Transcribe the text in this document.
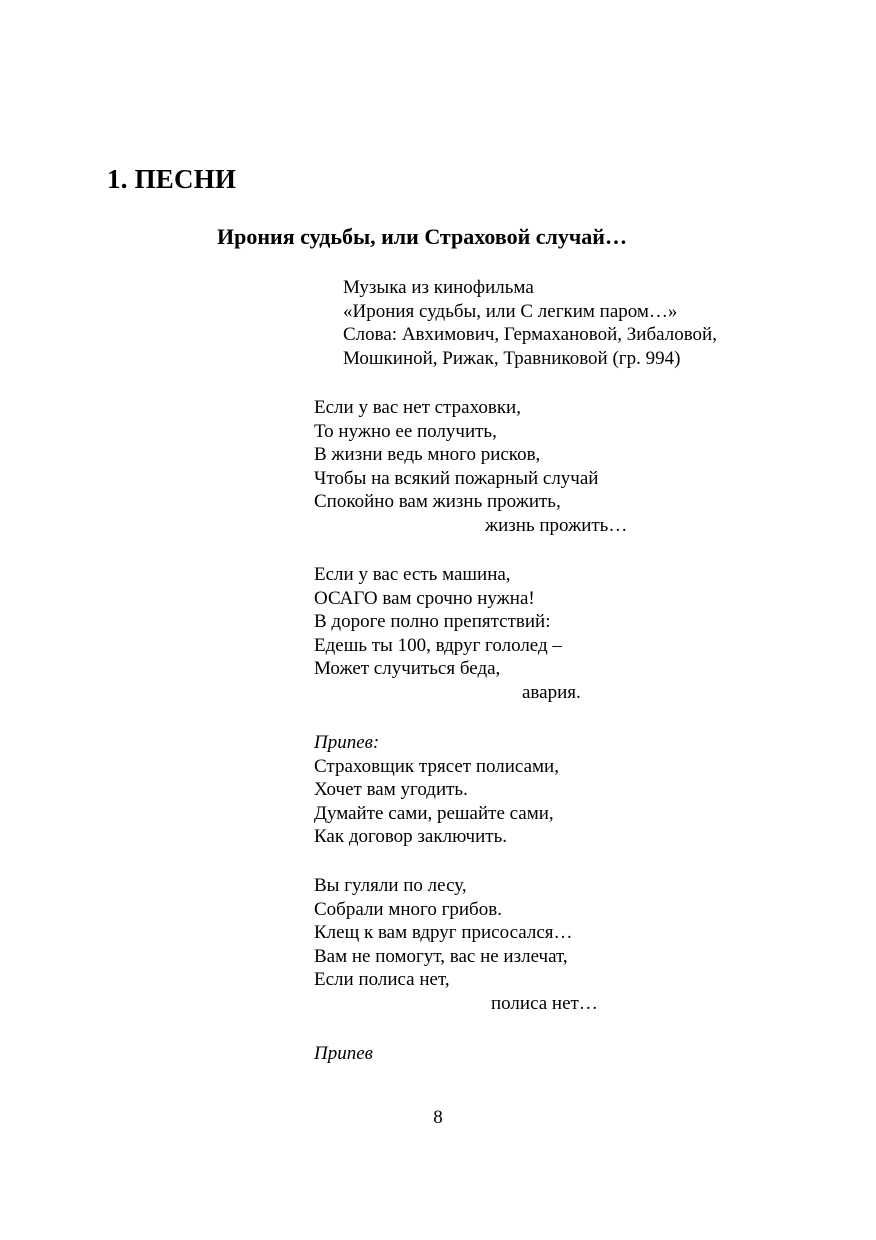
1. ПЕСНИ
Ирония судьбы, или Страховой случай…
Музыка из кинофильма
«Ирония судьбы, или С легким паром…»
Слова: Авхимович, Гермахановой, Зибаловой,
Мошкиной, Рижак, Травниковой (гр. 994)
Если у вас нет страховки,
То нужно ее получить,
В жизни ведь много рисков,
Чтобы на всякий пожарный случай
Спокойно вам жизнь прожить,
жизнь прожить…
Если у вас есть машина,
ОСАГО вам срочно нужна!
В дороге полно препятствий:
Едешь ты 100, вдруг гололед –
Может случиться беда,
авария.
Припев:
Страховщик трясет полисами,
Хочет вам угодить.
Думайте сами, решайте сами,
Как договор заключить.
Вы гуляли по лесу,
Собрали много грибов.
Клещ к вам вдруг присосался…
Вам не помогут, вас не излечат,
Если полиса нет,
полиса нет…
Припев
8
